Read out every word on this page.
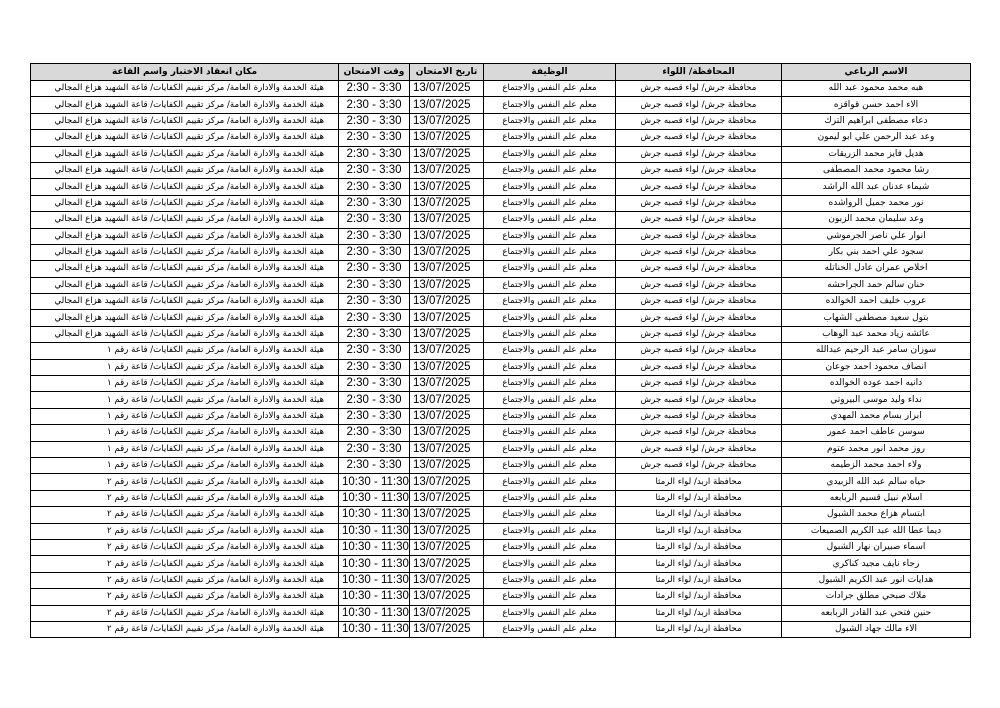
الاسم الرباعي	المحافظة/ اللواء	الوظيفة	تاريخ الامتحان	وقت الامتحان	مكان انعقاد الاختبار واسم القاعة
هبه محمد محمود عبد الله	محافظة جرش/ لواء قصبه جرش	معلم علم النفس والاجتماع	13/07/2025	2:30 - 3:30	هيئة الخدمة والادارة العامة/ مركز تقييم الكفايات/ قاعة الشهيد هزاع المجالي
الاء احمد حسن قواقزه	محافظة جرش/ لواء قصبه جرش	معلم علم النفس والاجتماع	13/07/2025	2:30 - 3:30	هيئة الخدمة والادارة العامة/ مركز تقييم الكفايات/ قاعة الشهيد هزاع المجالي
دعاء مصطفى ابراهيم الترك	محافظة جرش/ لواء قصبه جرش	معلم علم النفس والاجتماع	13/07/2025	2:30 - 3:30	هيئة الخدمة والادارة العامة/ مركز تقييم الكفايات/ قاعة الشهيد هزاع المجالي
وعد عبد الرحمن علي ابو ليمون	محافظة جرش/ لواء قصبه جرش	معلم علم النفس والاجتماع	13/07/2025	2:30 - 3:30	هيئة الخدمة والادارة العامة/ مركز تقييم الكفايات/ قاعة الشهيد هزاع المجالي
هديل فايز محمد الزريقات	محافظة جرش/ لواء قصبه جرش	معلم علم النفس والاجتماع	13/07/2025	2:30 - 3:30	هيئة الخدمة والادارة العامة/ مركز تقييم الكفايات/ قاعة الشهيد هزاع المجالي
رشا محمود محمد المصطفى	محافظة جرش/ لواء قصبه جرش	معلم علم النفس والاجتماع	13/07/2025	2:30 - 3:30	هيئة الخدمة والادارة العامة/ مركز تقييم الكفايات/ قاعة الشهيد هزاع المجالي
شيماء عدنان عبد الله الراشد	محافظة جرش/ لواء قصبه جرش	معلم علم النفس والاجتماع	13/07/2025	2:30 - 3:30	هيئة الخدمة والادارة العامة/ مركز تقييم الكفايات/ قاعة الشهيد هزاع المجالي
نور محمد جميل الرواشده	محافظة جرش/ لواء قصبه جرش	معلم علم النفس والاجتماع	13/07/2025	2:30 - 3:30	هيئة الخدمة والادارة العامة/ مركز تقييم الكفايات/ قاعة الشهيد هزاع المجالي
وعد سليمان محمد الزبون	محافظة جرش/ لواء قصبه جرش	معلم علم النفس والاجتماع	13/07/2025	2:30 - 3:30	هيئة الخدمة والادارة العامة/ مركز تقييم الكفايات/ قاعة الشهيد هزاع المجالي
انوار علي ناصر الجرموشي	محافظة جرش/ لواء قصبه جرش	معلم علم النفس والاجتماع	13/07/2025	2:30 - 3:30	هيئة الخدمة والادارة العامة/ مركز تقييم الكفايات/ قاعة الشهيد هزاع المجالي
سجود علي احمد بني بكار	محافظة جرش/ لواء قصبه جرش	معلم علم النفس والاجتماع	13/07/2025	2:30 - 3:30	هيئة الخدمة والادارة العامة/ مركز تقييم الكفايات/ قاعة الشهيد هزاع المجالي
اخلاص عمران عادل الحناتله	محافظة جرش/ لواء قصبه جرش	معلم علم النفس والاجتماع	13/07/2025	2:30 - 3:30	هيئة الخدمة والادارة العامة/ مركز تقييم الكفايات/ قاعة الشهيد هزاع المجالي
حنان سالم حمد الجراحشه	محافظة جرش/ لواء قصبه جرش	معلم علم النفس والاجتماع	13/07/2025	2:30 - 3:30	هيئة الخدمة والادارة العامة/ مركز تقييم الكفايات/ قاعة الشهيد هزاع المجالي
عروب خليف احمد الخوالده	محافظة جرش/ لواء قصبه جرش	معلم علم النفس والاجتماع	13/07/2025	2:30 - 3:30	هيئة الخدمة والادارة العامة/ مركز تقييم الكفايات/ قاعة الشهيد هزاع المجالي
بتول سعيد مصطفى الشهاب	محافظة جرش/ لواء قصبه جرش	معلم علم النفس والاجتماع	13/07/2025	2:30 - 3:30	هيئة الخدمة والادارة العامة/ مركز تقييم الكفايات/ قاعة الشهيد هزاع المجالي
عائشه زياد محمد عبد الوهاب	محافظة جرش/ لواء قصبه جرش	معلم علم النفس والاجتماع	13/07/2025	2:30 - 3:30	هيئة الخدمة والادارة العامة/ مركز تقييم الكفايات/ قاعة الشهيد هزاع المجالي
سوزان سامر عبد الرحيم عبدالله	محافظة جرش/ لواء قصبه جرش	معلم علم النفس والاجتماع	13/07/2025	2:30 - 3:30	هيئة الخدمة والادارة العامة/ مركز تقييم الكفايات/ قاعة رقم ١
انصاف محمود احمد جوعان	محافظة جرش/ لواء قصبه جرش	معلم علم النفس والاجتماع	13/07/2025	2:30 - 3:30	هيئة الخدمة والادارة العامة/ مركز تقييم الكفايات/ قاعة رقم ١
دانيه احمد عوده الخوالده	محافظة جرش/ لواء قصبه جرش	معلم علم النفس والاجتماع	13/07/2025	2:30 - 3:30	هيئة الخدمة والادارة العامة/ مركز تقييم الكفايات/ قاعة رقم ١
نداء وليد موسى البيروتي	محافظة جرش/ لواء قصبه جرش	معلم علم النفس والاجتماع	13/07/2025	2:30 - 3:30	هيئة الخدمة والادارة العامة/ مركز تقييم الكفايات/ قاعة رقم ١
ابرار بسام محمد المهدي	محافظة جرش/ لواء قصبه جرش	معلم علم النفس والاجتماع	13/07/2025	2:30 - 3:30	هيئة الخدمة والادارة العامة/ مركز تقييم الكفايات/ قاعة رقم ١
سوسن عاطف احمد عمور	محافظة جرش/ لواء قصبه جرش	معلم علم النفس والاجتماع	13/07/2025	2:30 - 3:30	هيئة الخدمة والادارة العامة/ مركز تقييم الكفايات/ قاعة رقم ١
روز محمد انور محمد عتوم	محافظة جرش/ لواء قصبه جرش	معلم علم النفس والاجتماع	13/07/2025	2:30 - 3:30	هيئة الخدمة والادارة العامة/ مركز تقييم الكفايات/ قاعة رقم ١
ولاء احمد محمد الزطيمه	محافظة جرش/ لواء قصبه جرش	معلم علم النفس والاجتماع	13/07/2025	2:30 - 3:30	هيئة الخدمة والادارة العامة/ مركز تقييم الكفايات/ قاعة رقم ١
حياه سالم عبد الله الزبيدي	محافظة اربد/ لواء الرمثا	معلم علم النفس والاجتماع	13/07/2025	10:30 - 11:30	هيئة الخدمة والادارة العامة/ مركز تقييم الكفايات/ قاعة رقم ٢
اسلام نبيل قسيم الربابعه	محافظة اربد/ لواء الرمثا	معلم علم النفس والاجتماع	13/07/2025	10:30 - 11:30	هيئة الخدمة والادارة العامة/ مركز تقييم الكفايات/ قاعة رقم ٢
ابتسام هزاع محمد الشبول	محافظة اربد/ لواء الرمثا	معلم علم النفس والاجتماع	13/07/2025	10:30 - 11:30	هيئة الخدمة والادارة العامة/ مركز تقييم الكفايات/ قاعة رقم ٢
ديما عطا الله عبد الكريم الصميعات	محافظة اربد/ لواء الرمثا	معلم علم النفس والاجتماع	13/07/2025	10:30 - 11:30	هيئة الخدمة والادارة العامة/ مركز تقييم الكفايات/ قاعة رقم ٢
اسماء صبيران نهار الشبول	محافظة اربد/ لواء الرمثا	معلم علم النفس والاجتماع	13/07/2025	10:30 - 11:30	هيئة الخدمة والادارة العامة/ مركز تقييم الكفايات/ قاعة رقم ٢
رجاء نايف مجيد كناكري	محافظة اربد/ لواء الرمثا	معلم علم النفس والاجتماع	13/07/2025	10:30 - 11:30	هيئة الخدمة والادارة العامة/ مركز تقييم الكفايات/ قاعة رقم ٢
هدايات انور عبد الكريم الشبول	محافظة اربد/ لواء الرمثا	معلم علم النفس والاجتماع	13/07/2025	10:30 - 11:30	هيئة الخدمة والادارة العامة/ مركز تقييم الكفايات/ قاعة رقم ٢
ملاك صبحي مطلق جرادات	محافظة اربد/ لواء الرمثا	معلم علم النفس والاجتماع	13/07/2025	10:30 - 11:30	هيئة الخدمة والادارة العامة/ مركز تقييم الكفايات/ قاعة رقم ٢
حنين فتحي عبد القادر الربابعه	محافظة اربد/ لواء الرمثا	معلم علم النفس والاجتماع	13/07/2025	10:30 - 11:30	هيئة الخدمة والادارة العامة/ مركز تقييم الكفايات/ قاعة رقم ٢
الاء مالك جهاد الشبول	محافظة اربد/ لواء الرمثا	معلم علم النفس والاجتماع	13/07/2025	10:30 - 11:30	هيئة الخدمة والادارة العامة/ مركز تقييم الكفايات/ قاعة رقم ٢
